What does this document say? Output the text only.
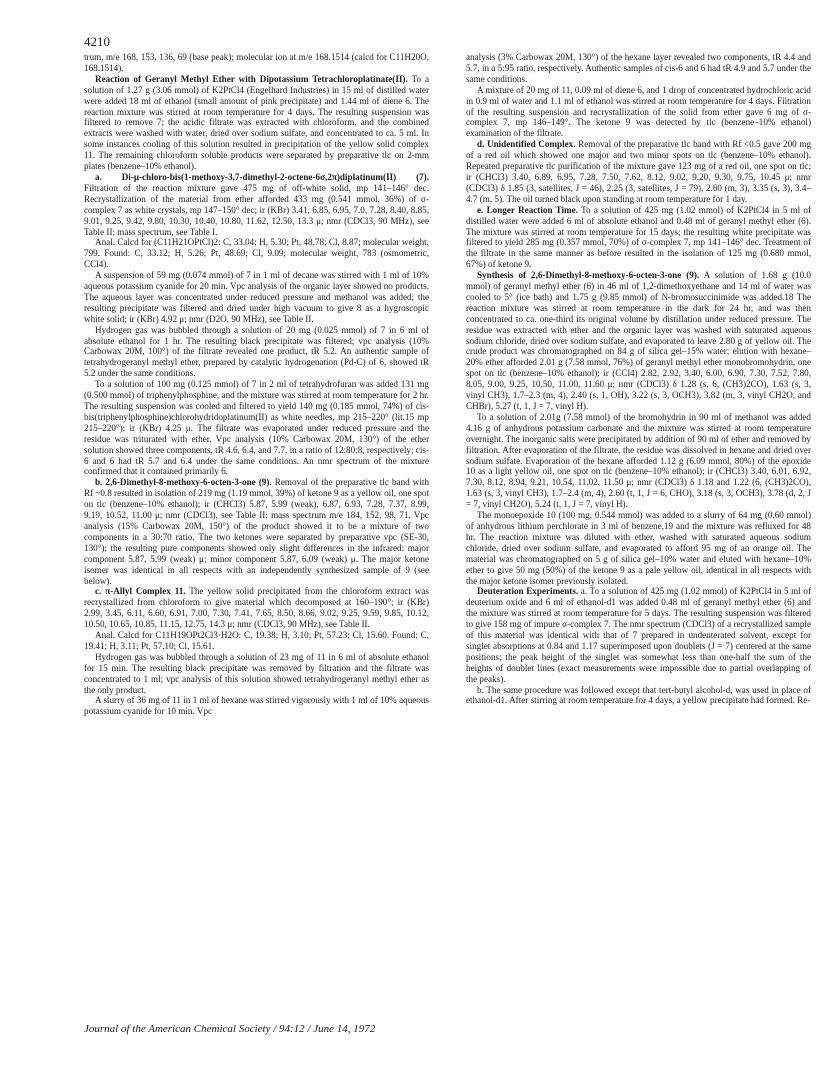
4210

trum, m/e 168, 153, 136, 69 (base peak); molecular ion at m/e 168.1514 (calcd for C11H20O, 168.1514).

Reaction of Geranyl Methyl Ether with Dipotassium Tetrachloroplatinate(II). To a solution of 1.27 g (3.06 mmol) of K2PtCl4 (Engelhard Industries) in 15 ml of distilled water were added 18 ml of ethanol (small amount of pink precipitate) and 1.44 ml of diene 6. The reaction mixture was stirred at room temperature for 4 days. The resulting suspension was filtered to remove 7; the acidic filtrate was extracted with chloroform, and the combined extracts were washed with water, dried over sodium sulfate, and concentrated to ca. 5 ml. In some instances cooling of this solution resulted in precipitation of the yellow solid complex 11. The remaining chloroform soluble products were separated by preparative tlc on 2-mm plates (benzene–10% ethanol).

a. Di-μ-chloro-bis(1-methoxy-3,7-dimethyl-2-octene-6σ,2π)diplatinum(II) (7). Filtration of the reaction mixture gave 475 mg of off-white solid, mp 141–146° dec. Recrystallization of the material from ether afforded 433 mg (0.541 mmol, 36%) of σ-complex 7 as white crystals, mp 147–150° dec; ir (KBr) 3.41, 6.85, 6.95, 7.0, 7.28, 8.40, 8.85, 9.01, 9.25, 9.42, 9.80, 10.30, 10.40, 10.80, 11.62, 12.50, 13.3 μ; nmr (CDCl3, 90 MHz), see Table II; mass spectrum, see Table I.

Anal. Calcd for (C11H21OPtCl)2: C, 33.04; H, 5.30; Pt, 48.78; Cl, 8.87; molecular weight, 799. Found: C, 33.12; H, 5.26; Pt, 48.69; Cl, 9.09; molecular weight, 783 (osmometric, CCl4).

A suspension of 59 mg (0.074 mmol) of 7 in 1 ml of decane was stirred with 1 ml of 10% aqueous potassium cyanide for 20 min. Vpc analysis of the organic layer showed no products. The aqueous layer was concentrated under reduced pressure and methanol was added; the resulting precipitate was filtered and dried under high vacuum to give 8 as a hygroscopic white solid; ir (KBr) 4.92 μ; nmr (D2O, 90 MHz), see Table II.

Hydrogen gas was bubbled through a solution of 20 mg (0.025 mmol) of 7 in 6 ml of absolute ethanol for 1 hr. The resulting black precipitate was filtered; vpc analysis (10% Carbowax 20M, 100°) of the filtrate revealed one product, tR 5.2. An authentic sample of tetrahydrogeranyl methyl ether, prepared by catalytic hydrogenation (Pd-C) of 6, showed tR 5.2 under the same conditions.

To a solution of 100 mg (0.125 mmol) of 7 in 2 ml of tetrahydrofuran was added 131 mg (0.500 mmol) of triphenylphosphine, and the mixture was stirred at room temperature for 2 hr. The resulting suspension was cooled and filtered to yield 140 mg (0.185 mmol, 74%) of cis-bis(triphenylphosphine)chlorohydridoplatinum(II) as white needles, mp 215–220° (lit.15 mp 215–220°); ir (KBr) 4.25 μ. The filtrate was evaporated under reduced pressure and the residue was triturated with ether. Vpc analysis (10% Carbowax 20M, 130°) of the ether solution showed three components, tR 4.6, 6.4, and 7.7, in a ratio of 12:80:8, respectively; cis-6 and 6 had tR 5.7 and 6.4 under the same conditions. An nmr spectrum of the mixture confirmed that it contained primarily 6.

b. 2,6-Dimethyl-8-methoxy-6-octen-3-one (9). Removal of the preparative tlc band with Rf ~0.8 resulted in isolation of 219 mg (1.19 mmol, 39%) of ketone 9 as a yellow oil, one spot on tlc (benzene–10% ethanol); ir (CHCl3) 5.87, 5.99 (weak), 6.87, 6.93, 7.28, 7.37, 8.99, 9.19, 10.52, 11.00 μ; nmr (CDCl3), see Table II; mass spectrum m/e 184, 152, 98, 71. Vpc analysis (15% Carbowax 20M, 150°) of the product showed it to be a mixture of two components in a 30:70 ratio. The two ketones were separated by preparative vpc (SE-30, 130°); the resulting pure components showed only slight differences in the infrared: major component 5.87, 5.99 (weak) μ; minor component 5.87, 6.09 (weak) μ. The major ketone isomer was identical in all respects with an independently synthesized sample of 9 (see below).

c. π-Allyl Complex 11. The yellow solid precipitated from the chloroform extract was recrystallized from chloroform to give material which decomposed at 160–190°; ir (KBr) 2.99, 3.45, 6.11, 6.60, 6.91, 7.00, 7.30, 7.41, 7.65, 8.50, 8.66, 9.02, 9.25, 9.59, 9.85, 10.12, 10.50, 10.65, 10.85, 11.15, 12.75, 14.3 μ; nmr (CDCl3, 90 MHz), see Table II.

Anal. Calcd for C11H19OPt2Cl3·H2O: C, 19.38; H, 3.10; Pt, 57.23; Cl, 15.60. Found: C, 19.41; H, 3.11; Pt, 57.10; Cl, 15.61.

Hydrogen gas was bubbled through a solution of 23 mg of 11 in 6 ml of absolute ethanol for 15 min. The resulting black precipitate was removed by filtration and the filtrate was concentrated to 1 ml; vpc analysis of this solution showed tetrahydrogeranyl methyl ether as the only product.

A slurry of 36 mg of 11 in 1 ml of hexane was stirred vigorously with 1 ml of 10% aqueous potassium cyanide for 10 min. Vpc

analysis (3% Carbowax 20M, 130°) of the hexane layer revealed two components, tR 4.4 and 5.7, in a 5:95 ratio, respectively. Authentic samples of cis-6 and 6 had tR 4.9 and 5.7 under the same conditions.

A mixture of 20 mg of 11, 0.09 ml of diene 6, and 1 drop of concentrated hydrochloric acid in 0.9 ml of water and 1.1 ml of ethanol was stirred at room temperature for 4 days. Filtration of the resulting suspension and recrystallization of the solid from ether gave 6 mg of σ-complex 7, mp 146–149°. The ketone 9 was detected by tlc (benzene–10% ethanol) examination of the filtrate.

d. Unidentified Complex. Removal of the preparative tlc band with Rf <0.5 gave 200 mg of a red oil which showed one major and two minor spots on tlc (benzene–10% ethanol). Repeated preparative tlc purification of the mixture gave 123 mg of a red oil, one spot on tlc; ir (CHCl3) 3.40, 6.89, 6.95, 7.28, 7.50, 7.62, 8.12, 9.02, 9.20, 9.30, 9.75, 10.45 μ; nmr (CDCl3) δ 1.85 (3, satellites, J = 46), 2.25 (3, satellites, J = 79), 2.60 (m, 3), 3.35 (s, 3), 3.4–4.7 (m, 5). The oil turned black upon standing at room temperature for 1 day.

e. Longer Reaction Time. To a solution of 425 mg (1.02 mmol) of K2PtCl4 in 5 ml of distilled water were added 6 ml of absolute ethanol and 0.48 ml of geranyl methyl ether (6). The mixture was stirred at room temperature for 15 days; the resulting white precipitate was filtered to yield 285 mg (0.357 mmol, 70%) of σ-complex 7, mp 141–146° dec. Treatment of the filtrate in the same manner as before resulted in the isolation of 125 mg (0.680 mmol, 67%) of ketone 9.

Synthesis of 2,6-Dimethyl-8-methoxy-6-octen-3-one (9). A solution of 1.68 g (10.0 mmol) of geranyl methyl ether (6) in 46 ml of 1,2-dimethoxyethane and 14 ml of water was cooled to 5° (ice bath) and 1.75 g (9.85 mmol) of N-bromosuccinimide was added.18 The reaction mixture was stirred at room temperature in the dark for 24 hr, and was then concentrated to ca. one-third its original volume by distillation under reduced pressure. The residue was extracted with ether and the organic layer was washed with saturated aqueous sodium chloride, dried over sodium sulfate, and evaporated to leave 2.80 g of yellow oil. The crude product was chromatographed on 84 g of silica gel–15% water; elution with hexane–20% ether afforded 2.01 g (7.58 mmol, 76%) of geranyl methyl ether monobromohydrin, one spot on tlc (benzene–10% ethanol); ir (CCl4) 2.82, 2.92, 3.40, 6.00, 6.90, 7.30, 7.52, 7.80, 8.05, 9.00, 9.25, 10.50, 11.00, 11.60 μ; nmr (CDCl3) δ 1.28 (s, 6, (CH3)2CO), 1.63 (s, 3, vinyl CH3), 1.7–2.3 (m, 4), 2.40 (s, 1, OH), 3.22 (s, 3, OCH3), 3.82 (m, 3, vinyl CH2O, and CHBr), 5.27 (t, 1, J = 7, vinyl H).

To a solution of 2.01g (7.58 mmol) of the bromohydrin in 90 ml of methanol was added 4.16 g of anhydrous potassium carbonate and the mixture was stirred at room temperature overnight. The inorganic salts were precipitated by addition of 90 ml of ether and removed by filtration. After evaporation of the filtrate, the residue was dissolved in hexane and dried over sodium sulfate. Evaporation of the hexane afforded 1.12 g (6.09 mmol, 80%) of the epoxide 10 as a light yellow oil, one spot on tlc (benzene–10% ethanol); ir (CHCl3) 3.40, 6.01, 6.92, 7.30, 8.12, 8.94, 9.21, 10.54, 11.02, 11.50 μ; nmr (CDCl3) δ 1.18 and 1.22 (6, (CH3)2CO), 1.63 (s, 3, vinyl CH3), 1.7–2.4 (m, 4), 2.60 (t, 1, J = 6, CHO), 3.18 (s, 3, OCH3), 3.78 (d, 2, J = 7, vinyl CH2O), 5.24 (t, 1, J = 7, vinyl H).

The monoepoxide 10 (100 mg, 0.544 mmol) was added to a slurry of 64 mg (0.60 mmol) of anhydrous lithium perchlorate in 3 ml of benzene,19 and the mixture was refluxed for 48 hr. The reaction mixture was diluted with ether, washed with saturated aqueous sodium chloride, dried over sodium sulfate, and evaporated to afford 95 mg of an orange oil. The material was chromatographed on 5 g of silica gel–10% water and eluted with hexane–10% ether to give 50 mg (50%) of the ketone 9 as a pale yellow oil, identical in all respects with the major ketone isomer previously isolated.

Deuteration Experiments. a. To a solution of 425 mg (1.02 mmol) of K2PtCl4 in 5 ml of deuterium oxide and 6 ml of ethanol-d1 was added 0.48 ml of geranyl methyl ether (6) and the mixture was stirred at room temperature for 5 days. The resulting suspension was filtered to give 158 mg of impure σ-complex 7. The nmr spectrum (CDCl3) of a recrystallized sample of this material was identical with that of 7 prepared in undeuterated solvent, except for singlet absorptions at 0.84 and 1.17 superimposed upon doublets (J = 7) centered at the same positions; the peak height of the singlet was somewhat less than one-half the sum of the heights of doublet lines (exact measurements were impossible due to partial overlapping of the peaks).

b. The same procedure was followed except that tert-butyl alcohol-d, was used in place of ethanol-d1. After stirring at room temperature for 4 days, a yellow precipitate had formed. Re-

Journal of the American Chemical Society / 94:12 / June 14, 1972
